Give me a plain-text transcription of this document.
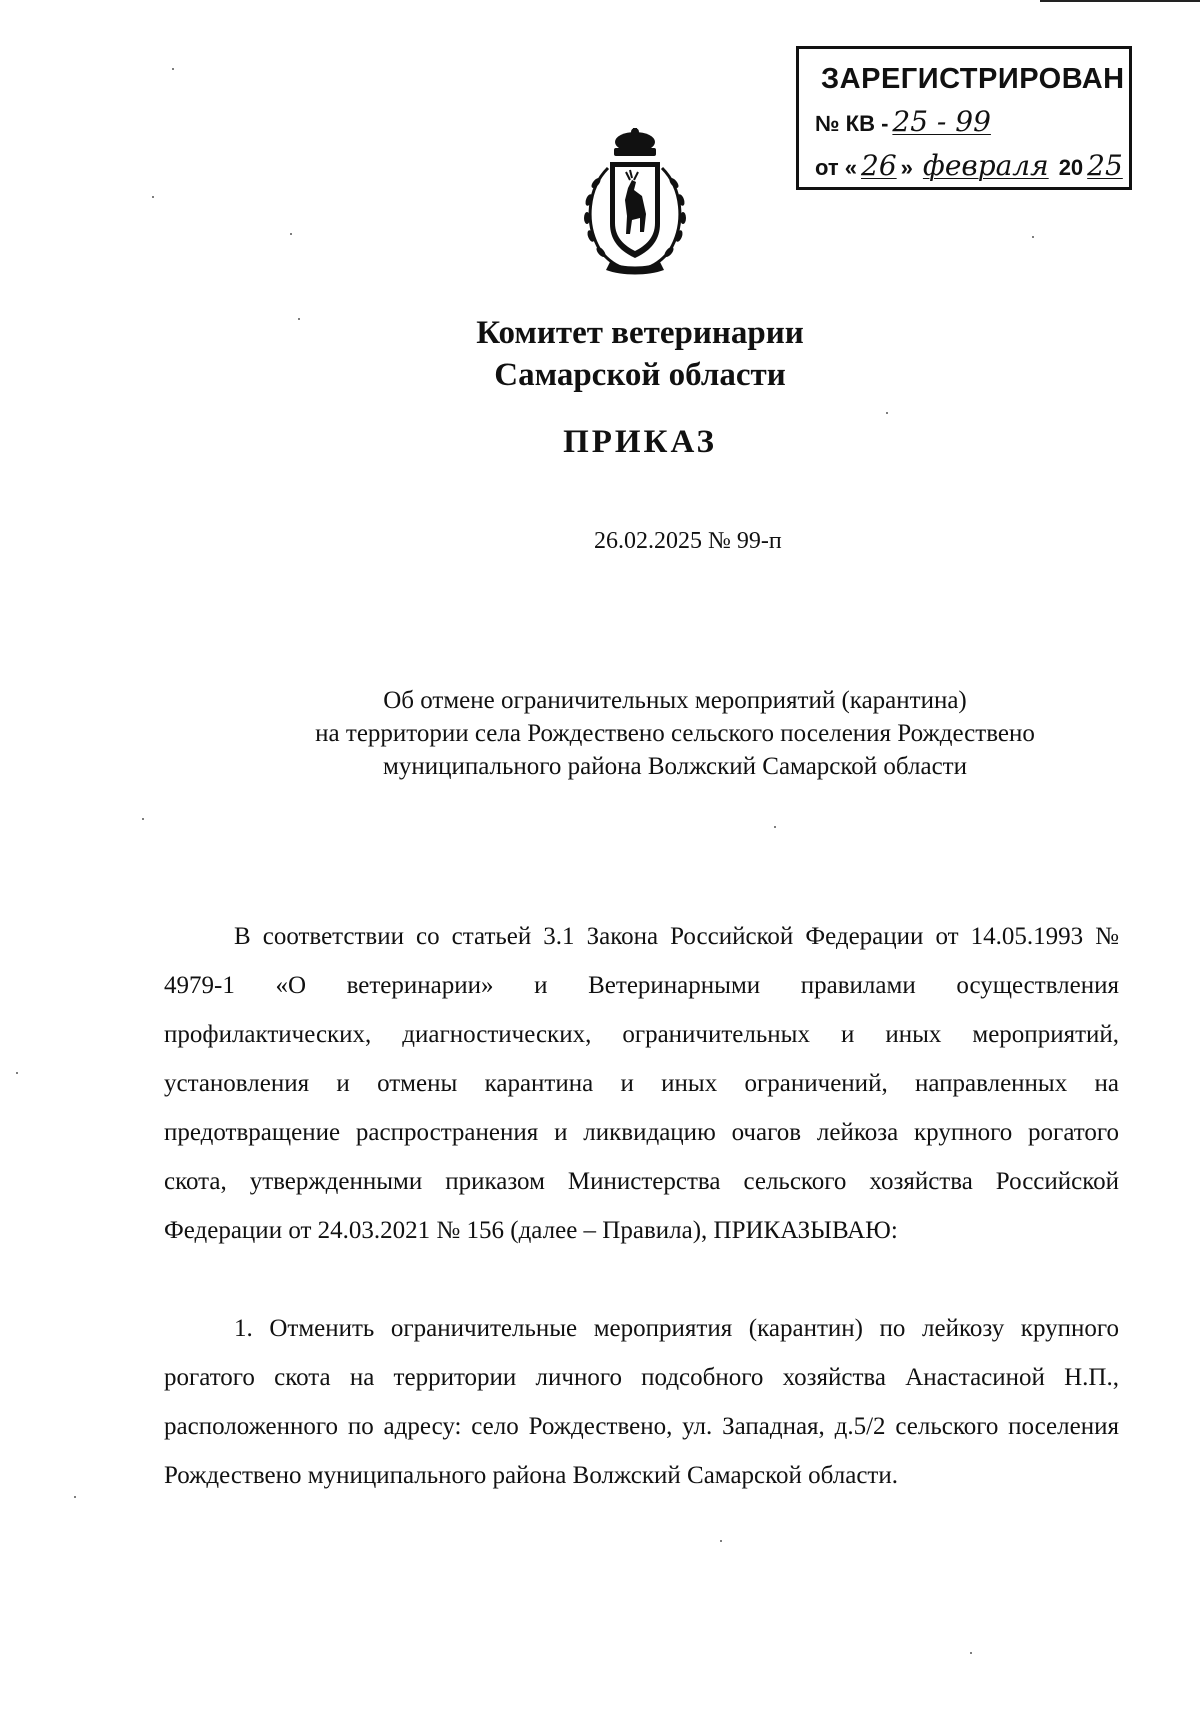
ЗАРЕГИСТРИРОВАН
№ КВ - 25 - 99
от « 26 » февраля 20 25
Комитет ветеринарии
Самарской области
ПРИКАЗ
26.02.2025 № 99-п
Об отмене ограничительных мероприятий (карантина)
на территории села Рождествено сельского поселения Рождествено
муниципального района Волжский Самарской области
В соответствии со статьей 3.1 Закона Российской Федерации от 14.05.1993 № 4979-1 «О ветеринарии» и Ветеринарными правилами осуществления профилактических, диагностических, ограничительных и иных мероприятий, установления и отмены карантина и иных ограничений, направленных на предотвращение распространения и ликвидацию очагов лейкоза крупного рогатого скота, утвержденными приказом Министерства сельского хозяйства Российской Федерации от 24.03.2021 № 156 (далее – Правила), ПРИКАЗЫВАЮ:
1. Отменить ограничительные мероприятия (карантин) по лейкозу крупного рогатого скота на территории личного подсобного хозяйства Анастасиной Н.П., расположенного по адресу: село Рождествено, ул. Западная, д.5/2 сельского поселения Рождествено муниципального района Волжский Самарской области.
